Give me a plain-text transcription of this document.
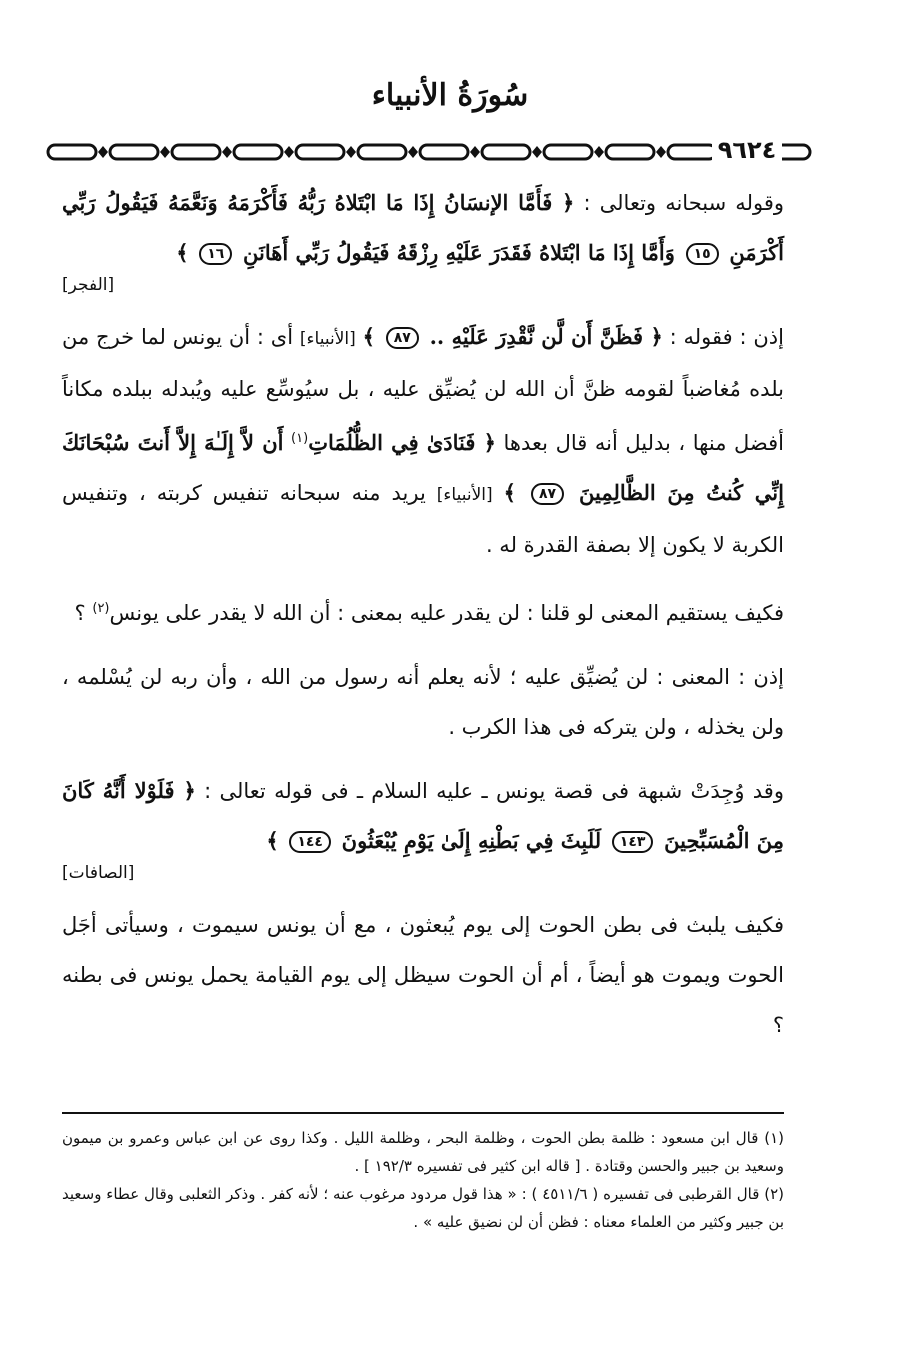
سُورَةُ الأنبياء
٩٦٢٤

وقوله سبحانه وتعالى : ﴿ فَأَمَّا الإنسَانُ إِذَا مَا ابْتَلاهُ رَبُّهُ فَأَكْرَمَهُ وَنَعَّمَهُ فَيَقُولُ رَبِّي أَكْرَمَنِ ١٥ وَأَمَّا إِذَا مَا ابْتَلاهُ فَقَدَرَ عَلَيْهِ رِزْقَهُ فَيَقُولُ رَبِّي أَهَانَنِ ١٦ ﴾
[الفجر]

إذن : فقوله : ﴿ فَظَنَّ أَن لَّن نَّقْدِرَ عَلَيْهِ .. ٨٧ ﴾ [الأنبياء] أى : أن يونس لما خرج من بلده مُغاضباً لقومه ظنَّ أن الله لن يُضيِّق عليه ، بل سيُوسِّع عليه ويُبدله ببلده مكاناً أفضل منها ، بدليل أنه قال بعدها ﴿ فَنَادَىٰ فِي الظُّلُمَاتِ$^{(١)}$ أَن لاَّ إِلَـٰهَ إِلاَّ أَنتَ سُبْحَانَكَ إِنِّي كُنتُ مِنَ الظَّالِمِينَ ٨٧ ﴾ [الأنبياء] يريد منه سبحانه تنفيس كربته ، وتنفيس الكربة لا يكون إلا بصفة القدرة له .

فكيف يستقيم المعنى لو قلنا : لن يقدر عليه بمعنى : أن الله لا يقدر على يونس$^{(٢)}$ ؟

إذن : المعنى : لن يُضيِّق عليه ؛ لأنه يعلم أنه رسول من الله ، وأن ربه لن يُسْلمه ، ولن يخذله ، ولن يتركه فى هذا الكرب .

وقد وُجِدَتْ شبهة فى قصة يونس ـ عليه السلام ـ فى قوله تعالى : ﴿ فَلَوْلا أَنَّهُ كَانَ مِنَ الْمُسَبِّحِينَ ١٤٣ لَلَبِثَ فِي بَطْنِهِ إِلَىٰ يَوْمِ يُبْعَثُونَ ١٤٤ ﴾
[الصافات]

فكيف يلبث فى بطن الحوت إلى يوم يُبعثون ، مع أن يونس سيموت ، وسيأتى أجَل الحوت ويموت هو أيضاً ، أم أن الحوت سيظل إلى يوم القيامة يحمل يونس فى بطنه ؟

(١) قال ابن مسعود : ظلمة بطن الحوت ، وظلمة البحر ، وظلمة الليل . وكذا روى عن ابن عباس وعمرو بن ميمون وسعيد بن جبير والحسن وقتادة . [ قاله ابن كثير فى تفسيره ١٩٢/٣ ] .
(٢) قال القرطبى فى تفسيره ( ٤٥١١/٦ ) : « هذا قول مردود مرغوب عنه ؛ لأنه كفر . وذكر الثعلبى وقال عطاء وسعيد بن جبير وكثير من العلماء معناه : فظن أن لن نضيق عليه » .
